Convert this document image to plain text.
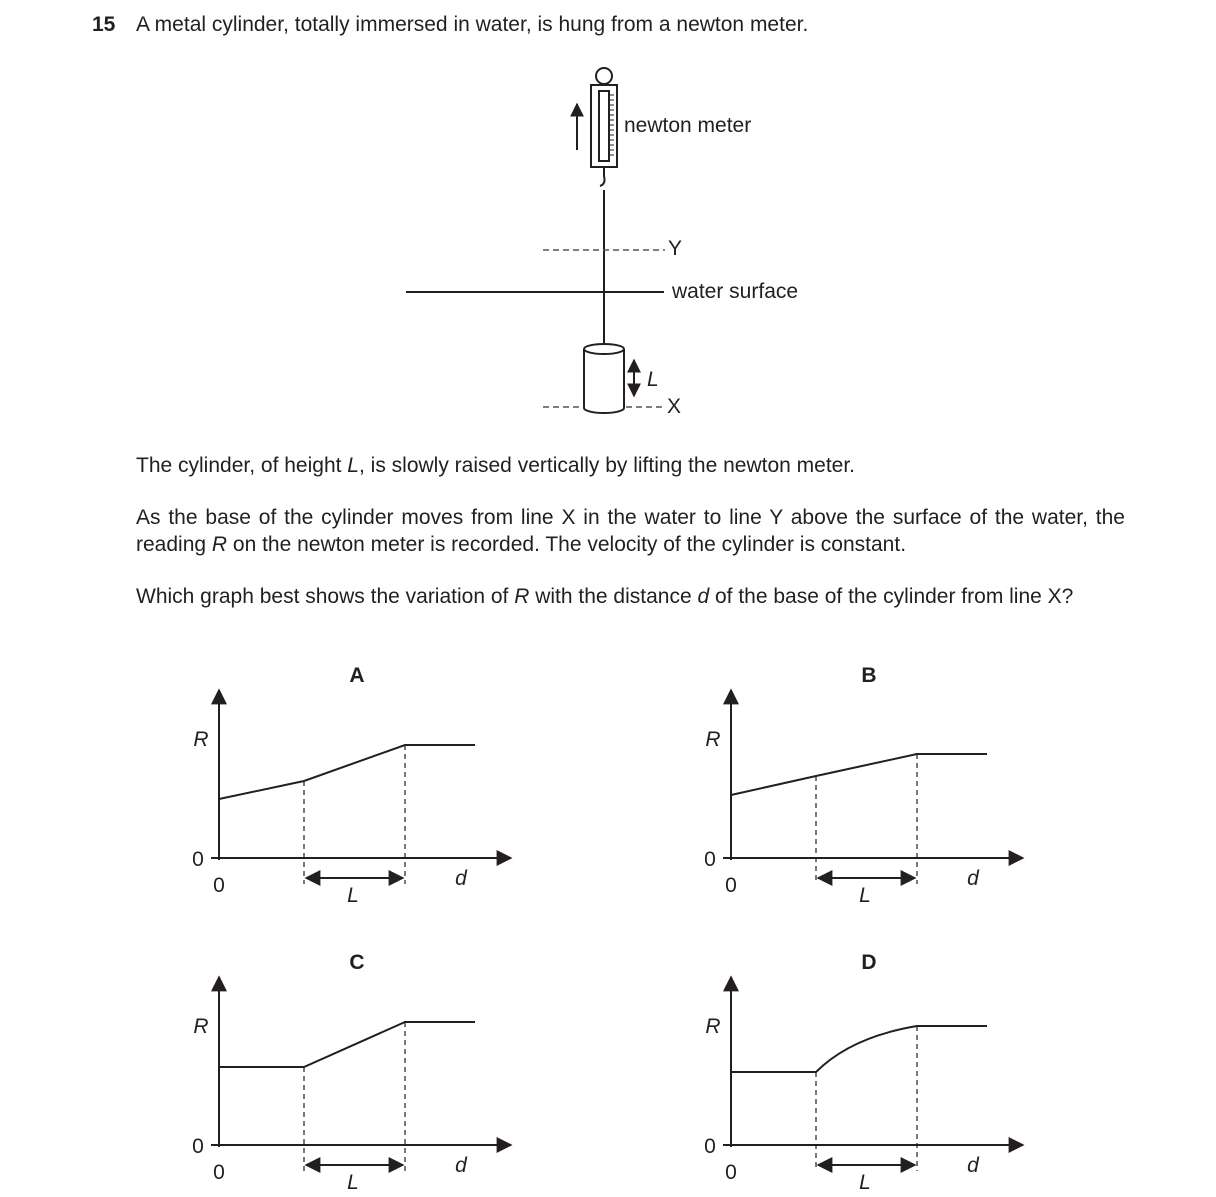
15 A metal cylinder, totally immersed in water, is hung from a newton meter.
newton meter
Y
water surface
L
X
The cylinder, of height L, is slowly raised vertically by lifting the newton meter.
As the base of the cylinder moves from line X in the water to line Y above the surface of the water, the reading R on the newton meter is recorded. The velocity of the cylinder is constant.
Which graph best shows the variation of R with the distance d of the base of the cylinder from line X?
A
R
0
0	d
L
B
R
0
0	d
L
C
R
0
0	d
L
D
R
0
0	d
L
